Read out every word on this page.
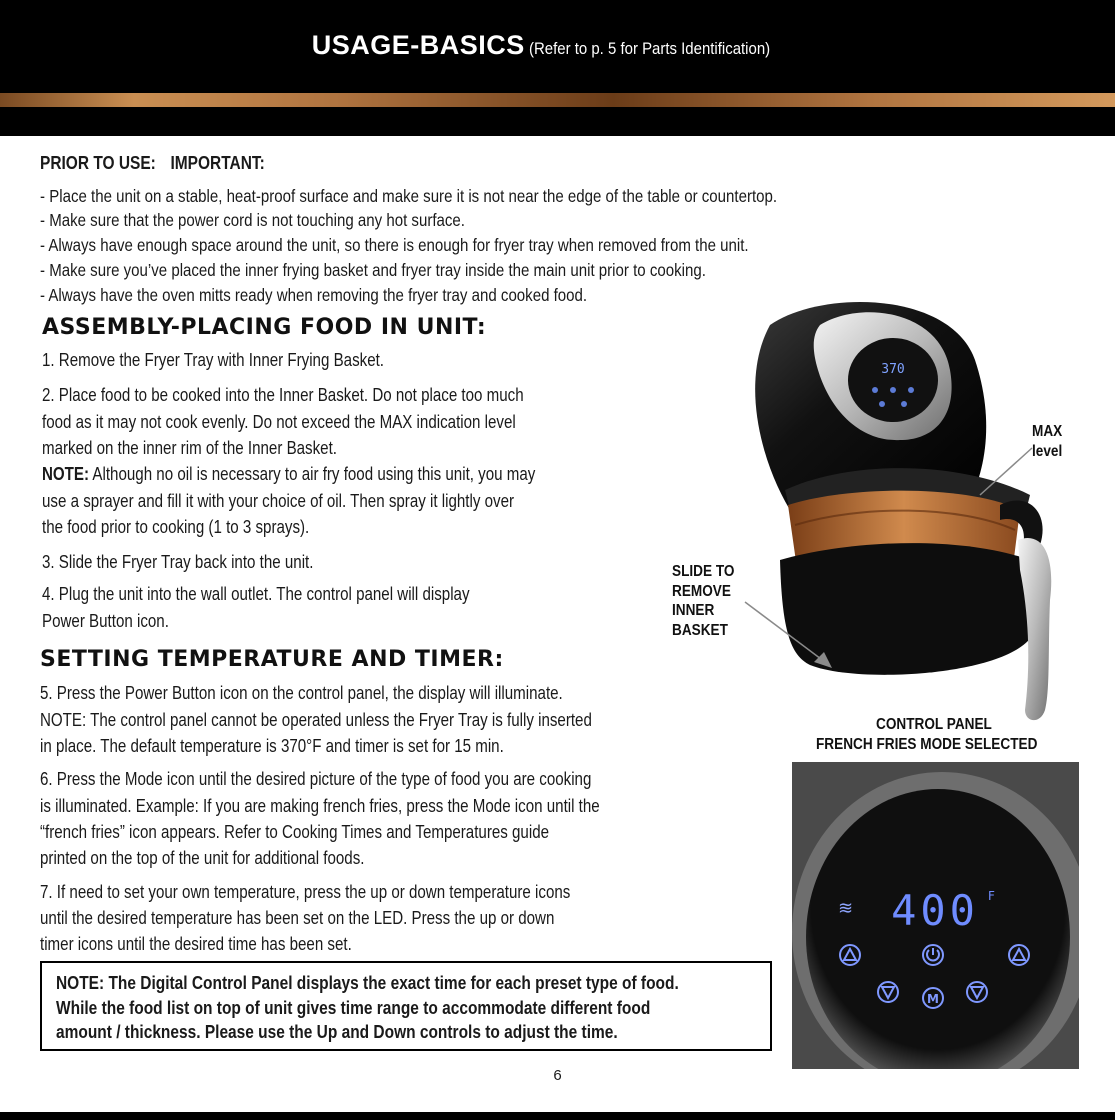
USAGE-BASICS (Refer to p. 5 for Parts Identification)
PRIOR TO USE: IMPORTANT:
- Place the unit on a stable, heat-proof surface and make sure it is not near the edge of the table or countertop.
- Make sure that the power cord is not touching any hot surface.
- Always have enough space around the unit, so there is enough for fryer tray when removed from the unit.
- Make sure you’ve placed the inner frying basket and fryer tray inside the main unit prior to cooking.
- Always have the oven mitts ready when removing the fryer tray and cooked food.
ASSEMBLY-PLACING FOOD IN UNIT:
1. Remove the Fryer Tray with Inner Frying Basket.
2. Place food to be cooked into the Inner Basket. Do not place too much
food as it may not cook evenly. Do not exceed the MAX indication level
marked on the inner rim of the Inner Basket.
NOTE: Although no oil is necessary to air fry food using this unit, you may
use a sprayer and fill it with your choice of oil. Then spray it lightly over
the food prior to cooking (1 to 3 sprays).
3. Slide the Fryer Tray back into the unit.
4. Plug the unit into the wall outlet. The control panel will display
Power Button icon.
SETTING TEMPERATURE AND TIMER:
5. Press the Power Button icon on the control panel, the display will illuminate.
NOTE: The control panel cannot be operated unless the Fryer Tray is fully inserted
in place. The default temperature is 370°F and timer is set for 15 min.
6. Press the Mode icon until the desired picture of the type of food you are cooking
is illuminated. Example: If you are making french fries, press the Mode icon until the
“french fries” icon appears. Refer to Cooking Times and Temperatures guide
printed on the top of the unit for additional foods.
7. If need to set your own temperature, press the up or down temperature icons
until the desired temperature has been set on the LED. Press the up or down
timer icons until the desired time has been set.
NOTE: The Digital Control Panel displays the exact time for each preset type of food.
While the food list on top of unit gives time range to accommodate different food
amount / thickness. Please use the Up and Down controls to adjust the time.
370
MAX
level
SLIDE TO
REMOVE
INNER
BASKET
CONTROL PANEL
FRENCH FRIES MODE SELECTED
≋ 400 F
M
6
